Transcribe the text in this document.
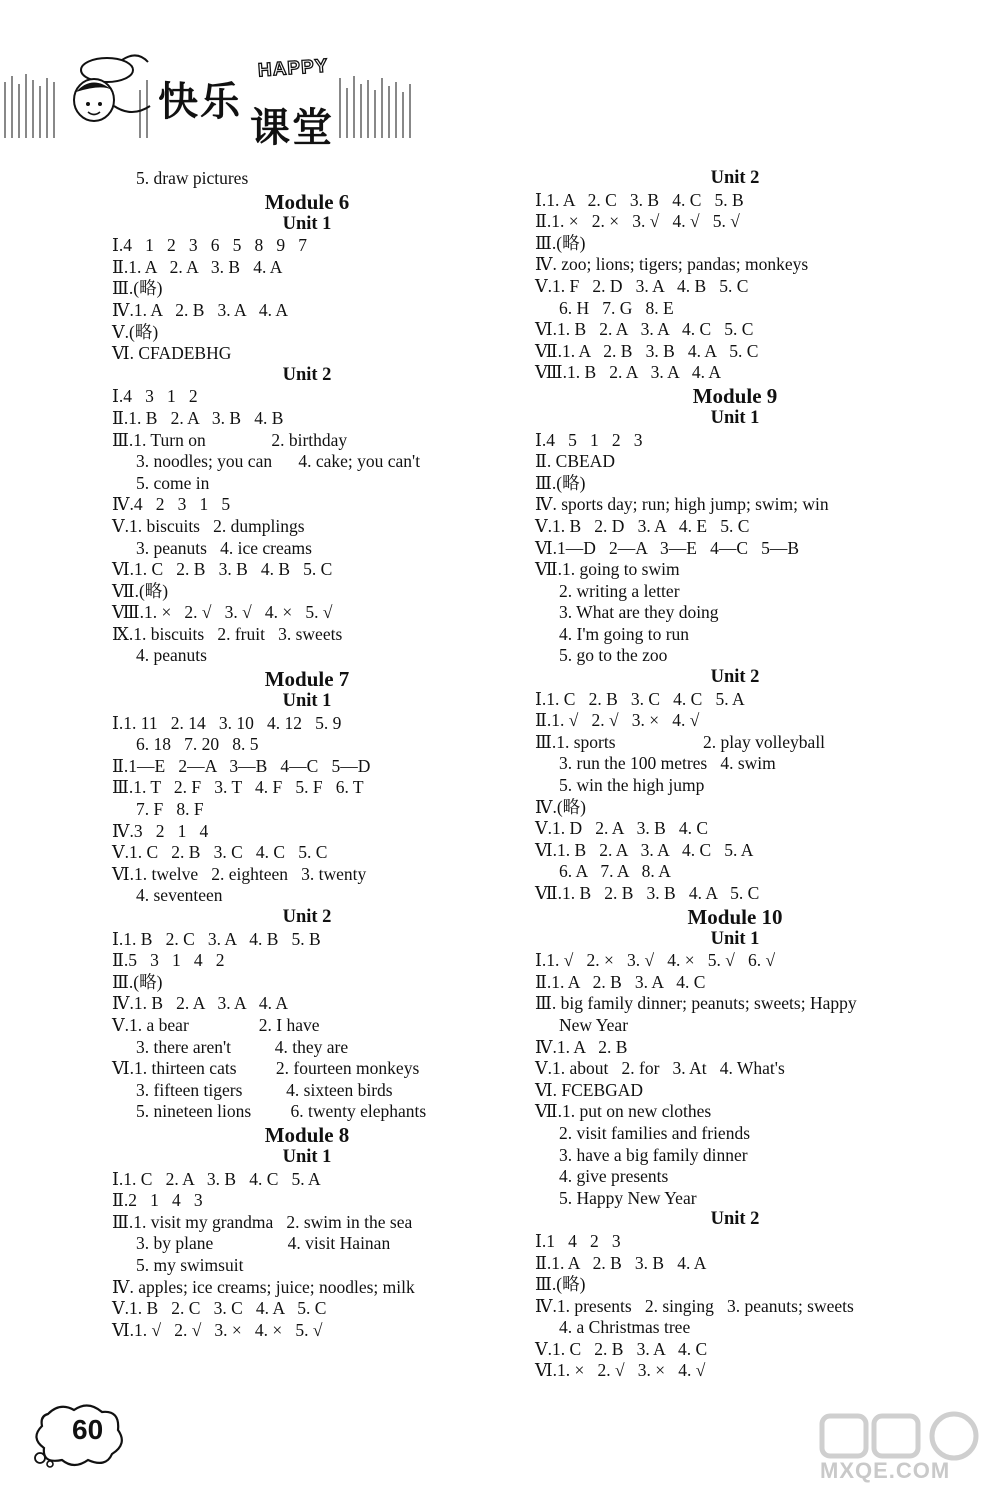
快乐
课堂
HAPPY
5. draw pictures
Module 6
Unit 1
Ⅰ.4   1   2   3   6   5   8   9   7
Ⅱ.1. A   2. A   3. B   4. A
Ⅲ.(略)
Ⅳ.1. A   2. B   3. A   4. A
Ⅴ.(略)
Ⅵ. CFADEBHG
Unit 2
Ⅰ.4   3   1   2
Ⅱ.1. B   2. A   3. B   4. B
Ⅲ.1. Turn on               2. birthday
3. noodles; you can      4. cake; you can't
5. come in
Ⅳ.4   2   3   1   5
Ⅴ.1. biscuits   2. dumplings
3. peanuts   4. ice creams
Ⅵ.1. C   2. B   3. B   4. B   5. C
Ⅶ.(略)
Ⅷ.1. ×   2. √   3. √   4. ×   5. √
Ⅸ.1. biscuits   2. fruit   3. sweets
4. peanuts
Module 7
Unit 1
Ⅰ.1. 11   2. 14   3. 10   4. 12   5. 9
6. 18   7. 20   8. 5
Ⅱ.1—E   2—A   3—B   4—C   5—D
Ⅲ.1. T   2. F   3. T   4. F   5. F   6. T
7. F   8. F
Ⅳ.3   2   1   4
Ⅴ.1. C   2. B   3. C   4. C   5. C
Ⅵ.1. twelve   2. eighteen   3. twenty
4. seventeen
Unit 2
Ⅰ.1. B   2. C   3. A   4. B   5. B
Ⅱ.5   3   1   4   2
Ⅲ.(略)
Ⅳ.1. B   2. A   3. A   4. A
Ⅴ.1. a bear                2. I have
3. there aren't          4. they are
Ⅵ.1. thirteen cats         2. fourteen monkeys
3. fifteen tigers          4. sixteen birds
5. nineteen lions         6. twenty elephants
Module 8
Unit 1
Ⅰ.1. C   2. A   3. B   4. C   5. A
Ⅱ.2   1   4   3
Ⅲ.1. visit my grandma   2. swim in the sea
3. by plane                 4. visit Hainan
5. my swimsuit
Ⅳ. apples; ice creams; juice; noodles; milk
Ⅴ.1. B   2. C   3. C   4. A   5. C
Ⅵ.1. √   2. √   3. ×   4. ×   5. √
Unit 2
Ⅰ.1. A   2. C   3. B   4. C   5. B
Ⅱ.1. ×   2. ×   3. √   4. √   5. √
Ⅲ.(略)
Ⅳ. zoo; lions; tigers; pandas; monkeys
Ⅴ.1. F   2. D   3. A   4. B   5. C
6. H   7. G   8. E
Ⅵ.1. B   2. A   3. A   4. C   5. C
Ⅶ.1. A   2. B   3. B   4. A   5. C
Ⅷ.1. B   2. A   3. A   4. A
Module 9
Unit 1
Ⅰ.4   5   1   2   3
Ⅱ. CBEAD
Ⅲ.(略)
Ⅳ. sports day; run; high jump; swim; win
Ⅴ.1. B   2. D   3. A   4. E   5. C
Ⅵ.1—D   2—A   3—E   4—C   5—B
Ⅶ.1. going to swim
2. writing a letter
3. What are they doing
4. I'm going to run
5. go to the zoo
Unit 2
Ⅰ.1. C   2. B   3. C   4. C   5. A
Ⅱ.1. √   2. √   3. ×   4. √
Ⅲ.1. sports                    2. play volleyball
3. run the 100 metres   4. swim
5. win the high jump
Ⅳ.(略)
Ⅴ.1. D   2. A   3. B   4. C
Ⅵ.1. B   2. A   3. A   4. C   5. A
6. A   7. A   8. A
Ⅶ.1. B   2. B   3. B   4. A   5. C
Module 10
Unit 1
Ⅰ.1. √   2. ×   3. √   4. ×   5. √   6. √
Ⅱ.1. A   2. B   3. A   4. C
Ⅲ. big family dinner; peanuts; sweets; Happy
New Year
Ⅳ.1. A   2. B
Ⅴ.1. about   2. for   3. At   4. What's
Ⅵ. FCEBGAD
Ⅶ.1. put on new clothes
2. visit families and friends
3. have a big family dinner
4. give presents
5. Happy New Year
Unit 2
Ⅰ.1   4   2   3
Ⅱ.1. A   2. B   3. B   4. A
Ⅲ.(略)
Ⅳ.1. presents   2. singing   3. peanuts; sweets
4. a Christmas tree
Ⅴ.1. C   2. B   3. A   4. C
Ⅵ.1. ×   2. √   3. ×   4. √
60
MXQE.COM
